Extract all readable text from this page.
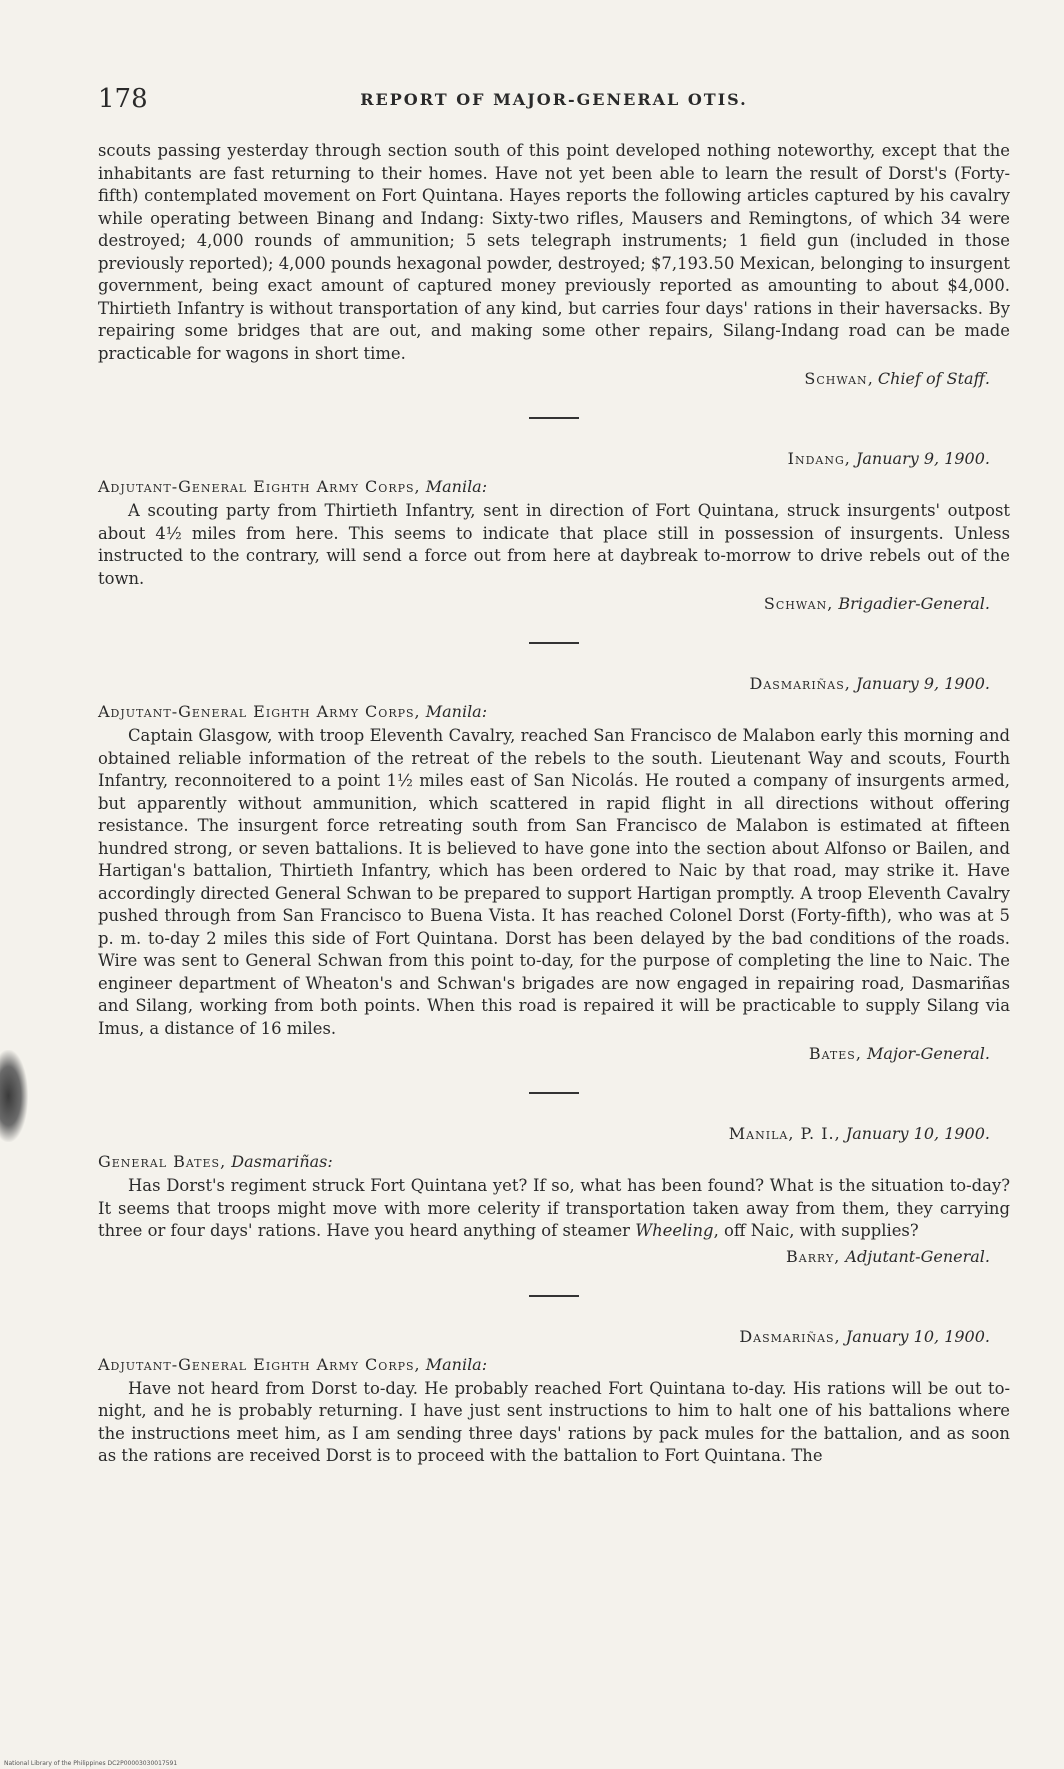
178	REPORT OF MAJOR-GENERAL OTIS.

scouts passing yesterday through section south of this point developed nothing noteworthy, except that the inhabitants are fast returning to their homes. Have not yet been able to learn the result of Dorst's (Forty-fifth) contemplated movement on Fort Quintana. Hayes reports the following articles captured by his cavalry while operating between Binang and Indang: Sixty-two rifles, Mausers and Remingtons, of which 34 were destroyed; 4,000 rounds of ammunition; 5 sets telegraph instruments; 1 field gun (included in those previously reported); 4,000 pounds hexagonal powder, destroyed; $7,193.50 Mexican, belonging to insurgent government, being exact amount of captured money previously reported as amounting to about $4,000. Thirtieth Infantry is without transportation of any kind, but carries four days' rations in their haversacks. By repairing some bridges that are out, and making some other repairs, Silang-Indang road can be made practicable for wagons in short time.

Schwan, Chief of Staff.
Indang, January 9, 1900.
Adjutant-General Eighth Army Corps, Manila:

A scouting party from Thirtieth Infantry, sent in direction of Fort Quintana, struck insurgents' outpost about 4½ miles from here. This seems to indicate that place still in possession of insurgents. Unless instructed to the contrary, will send a force out from here at daybreak to-morrow to drive rebels out of the town.

Schwan, Brigadier-General.
Dasmariñas, January 9, 1900.
Adjutant-General Eighth Army Corps, Manila:

Captain Glasgow, with troop Eleventh Cavalry, reached San Francisco de Malabon early this morning and obtained reliable information of the retreat of the rebels to the south. Lieutenant Way and scouts, Fourth Infantry, reconnoitered to a point 1½ miles east of San Nicolás. He routed a company of insurgents armed, but apparently without ammunition, which scattered in rapid flight in all directions without offering resistance. The insurgent force retreating south from San Francisco de Malabon is estimated at fifteen hundred strong, or seven battalions. It is believed to have gone into the section about Alfonso or Bailen, and Hartigan's battalion, Thirtieth Infantry, which has been ordered to Naic by that road, may strike it. Have accordingly directed General Schwan to be prepared to support Hartigan promptly. A troop Eleventh Cavalry pushed through from San Francisco to Buena Vista. It has reached Colonel Dorst (Forty-fifth), who was at 5 p. m. to-day 2 miles this side of Fort Quintana. Dorst has been delayed by the bad conditions of the roads. Wire was sent to General Schwan from this point to-day, for the purpose of completing the line to Naic. The engineer department of Wheaton's and Schwan's brigades are now engaged in repairing road, Dasmariñas and Silang, working from both points. When this road is repaired it will be practicable to supply Silang via Imus, a distance of 16 miles.

Bates, Major-General.
Manila, P. I., January 10, 1900.
General Bates, Dasmariñas:

Has Dorst's regiment struck Fort Quintana yet? If so, what has been found? What is the situation to-day? It seems that troops might move with more celerity if transportation taken away from them, they carrying three or four days' rations. Have you heard anything of steamer Wheeling, off Naic, with supplies?

Barry, Adjutant-General.
Dasmariñas, January 10, 1900.
Adjutant-General Eighth Army Corps, Manila:

Have not heard from Dorst to-day. He probably reached Fort Quintana to-day. His rations will be out to-night, and he is probably returning. I have just sent instructions to him to halt one of his battalions where the instructions meet him, as I am sending three days' rations by pack mules for the battalion, and as soon as the rations are received Dorst is to proceed with the battalion to Fort Quintana. The

National Library of the Philippines DC2P00003030017591
